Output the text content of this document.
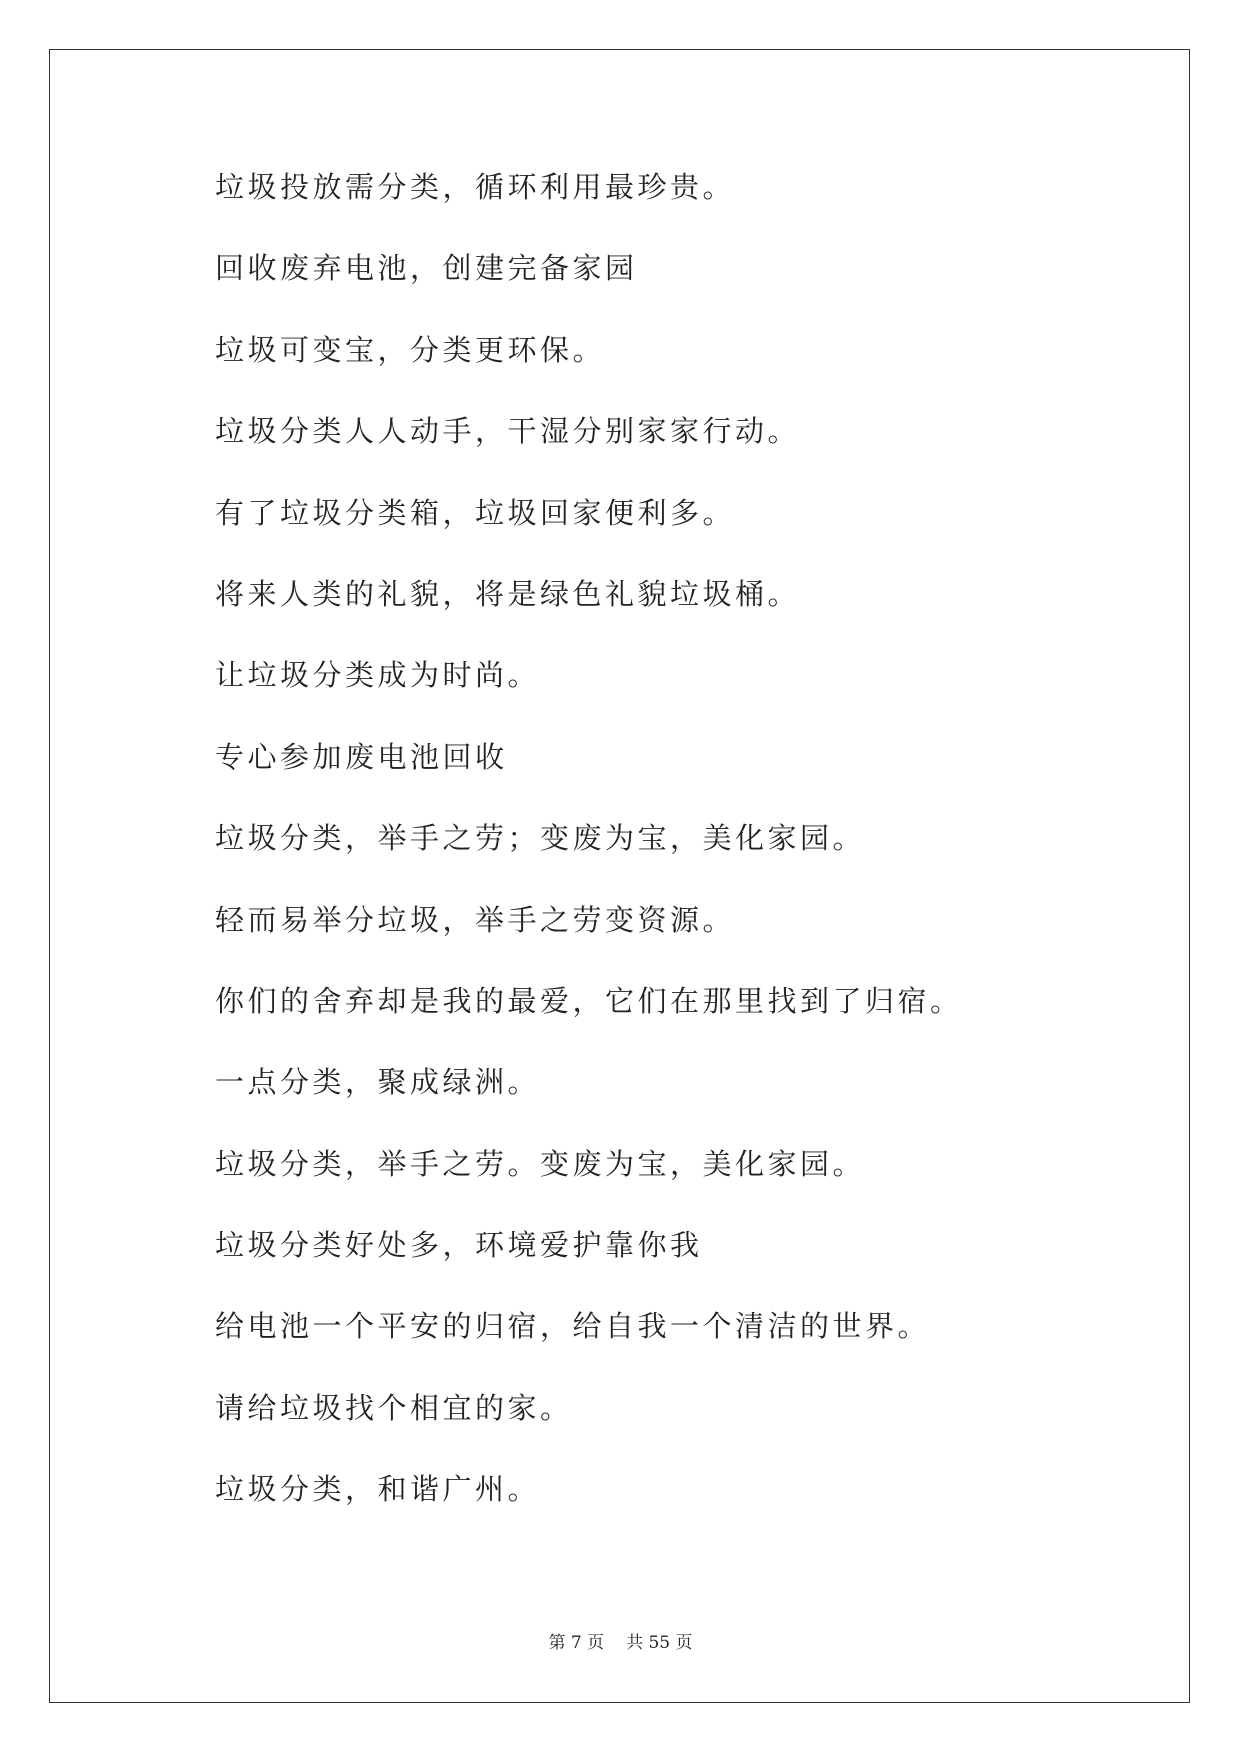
垃圾投放需分类，循环利用最珍贵。
回收废弃电池，创建完备家园
垃圾可变宝，分类更环保。
垃圾分类人人动手，干湿分别家家行动。
有了垃圾分类箱，垃圾回家便利多。
将来人类的礼貌，将是绿色礼貌垃圾桶。
让垃圾分类成为时尚。
专心参加废电池回收
垃圾分类，举手之劳；变废为宝，美化家园。
轻而易举分垃圾，举手之劳变资源。
你们的舍弃却是我的最爱，它们在那里找到了归宿。
一点分类，聚成绿洲。
垃圾分类，举手之劳。变废为宝，美化家园。
垃圾分类好处多，环境爱护靠你我
给电池一个平安的归宿，给自我一个清洁的世界。
请给垃圾找个相宜的家。
垃圾分类，和谐广州。
第 7 页 共 55 页
